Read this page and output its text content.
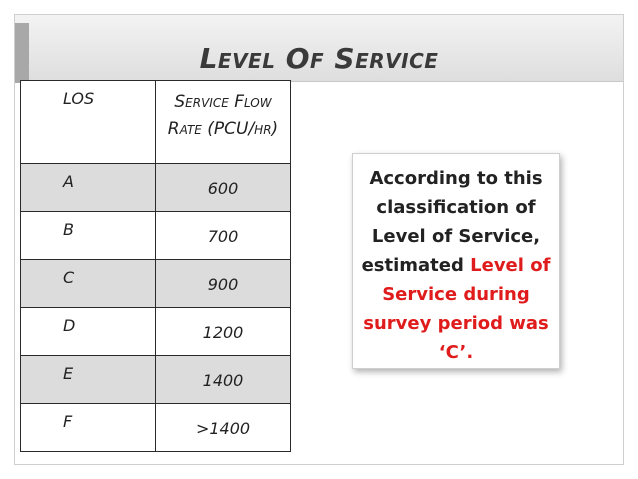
Level Of Service
LOS	Service Flow Rate (PCU/hr)
A	600
B	700
C	900
D	1200
E	1400
F	>1400
According to this classification of Level of Service, estimated Level of Service during survey period was ‘C’.
